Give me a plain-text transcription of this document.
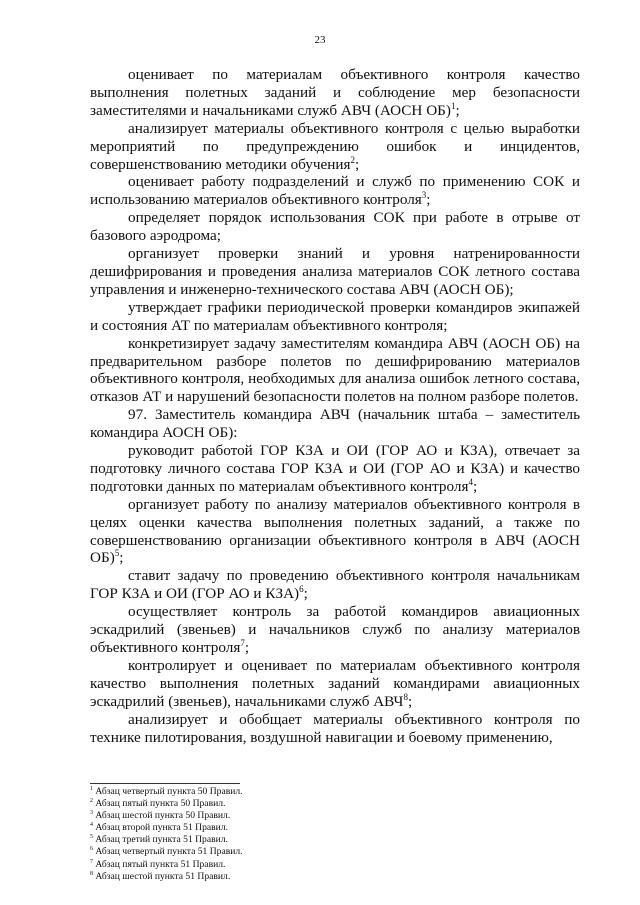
23

оценивает по материалам объективного контроля качество выполнения полетных заданий и соблюдение мер безопасности заместителями и начальниками служб АВЧ (АОСН ОБ)$^1$;

анализирует материалы объективного контроля с целью выработки мероприятий по предупреждению ошибок и инцидентов, совершенствованию методики обучения$^2$;

оценивает работу подразделений и служб по применению СОК и использованию материалов объективного контроля$^3$;

определяет порядок использования СОК при работе в отрыве от базового аэродрома;

организует проверки знаний и уровня натренированности дешифрирования и проведения анализа материалов СОК летного состава управления и инженерно-технического состава АВЧ (АОСН ОБ);

утверждает графики периодической проверки командиров экипажей и состояния АТ по материалам объективного контроля;

конкретизирует задачу заместителям командира АВЧ (АОСН ОБ) на предварительном разборе полетов по дешифрированию материалов объективного контроля, необходимых для анализа ошибок летного состава, отказов АТ и нарушений безопасности полетов на полном разборе полетов.

97. Заместитель командира АВЧ (начальник штаба – заместитель командира АОСН ОБ):

руководит работой ГОР КЗА и ОИ (ГОР АО и КЗА), отвечает за подготовку личного состава ГОР КЗА и ОИ (ГОР АО и КЗА) и качество подготовки данных по материалам объективного контроля$^4$;

организует работу по анализу материалов объективного контроля в целях оценки качества выполнения полетных заданий, а также по совершенствованию организации объективного контроля в АВЧ (АОСН ОБ)$^5$;

ставит задачу по проведению объективного контроля начальникам ГОР КЗА и ОИ (ГОР АО и КЗА)$^6$;

осуществляет контроль за работой командиров авиационных эскадрилий (звеньев) и начальников служб по анализу материалов объективного контроля$^7$;

контролирует и оценивает по материалам объективного контроля качество выполнения полетных заданий командирами авиационных эскадрилий (звеньев), начальниками служб АВЧ$^8$;

анализирует и обобщает материалы объективного контроля по технике пилотирования, воздушной навигации и боевому применению,

$^1$ Абзац четвертый пункта 50 Правил.

$^2$ Абзац пятый пункта 50 Правил.

$^3$ Абзац шестой пункта 50 Правил.

$^4$ Абзац второй пункта 51 Правил.

$^5$ Абзац третий пункта 51 Правил.

$^6$ Абзац четвертый пункта 51 Правил.

$^7$ Абзац пятый пункта 51 Правил.

$^8$ Абзац шестой пункта 51 Правил.
